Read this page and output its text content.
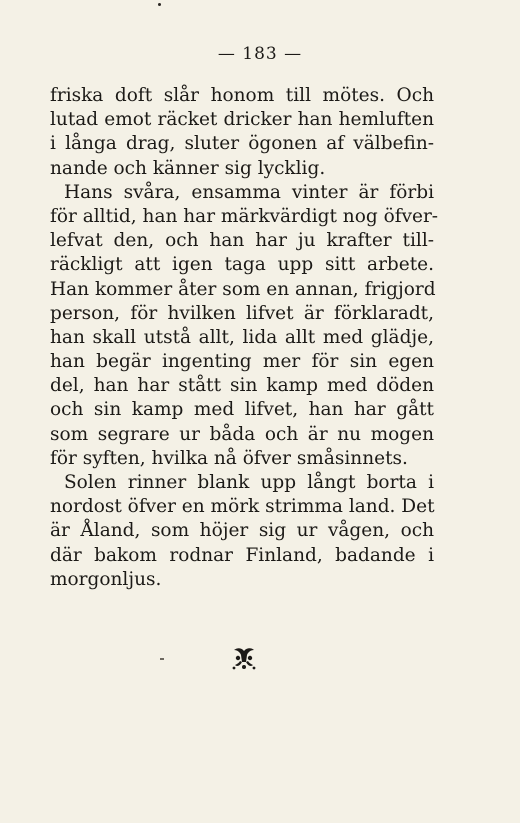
— 183 —
friska doft slår honom till mötes. Och
lutad emot räcket dricker han hemluften
i långa drag, sluter ögonen af välbefin-
nande och känner sig lycklig.
Hans svåra, ensamma vinter är förbi
för alltid, han har märkvärdigt nog öfver-
lefvat den, och han har ju krafter till-
räckligt att igen taga upp sitt arbete.
Han kommer åter som en annan, frigjord
person, för hvilken lifvet är förklaradt,
han skall utstå allt, lida allt med glädje,
han begär ingenting mer för sin egen
del, han har stått sin kamp med döden
och sin kamp med lifvet, han har gått
som segrare ur båda och är nu mogen
för syften, hvilka nå öfver småsinnets.
Solen rinner blank upp långt borta i
nordost öfver en mörk strimma land. Det
är Åland, som höjer sig ur vågen, och
där bakom rodnar Finland, badande i
morgonljus.
